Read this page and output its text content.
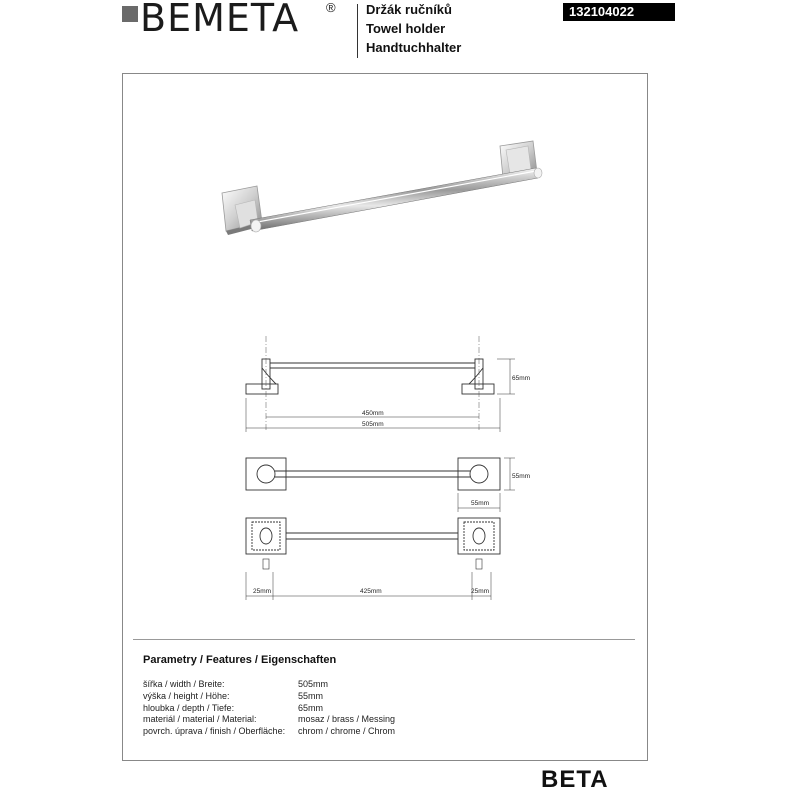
BEMETA ® Držák ručníků
Towel holder
Handtuchhalter
132104022
65mm
450mm
505mm
55mm
55mm
25mm	425mm	25mm
Parametry / Features / Eigenschaften
šířka / width / Breite:	505mm
výška / height / Höhe:	55mm
hloubka / depth / Tiefe:	65mm
materiál / material / Material:	mosaz / brass / Messing
povrch. úprava / finish / Oberfläche: chrom / chrome / Chrom
BETA
